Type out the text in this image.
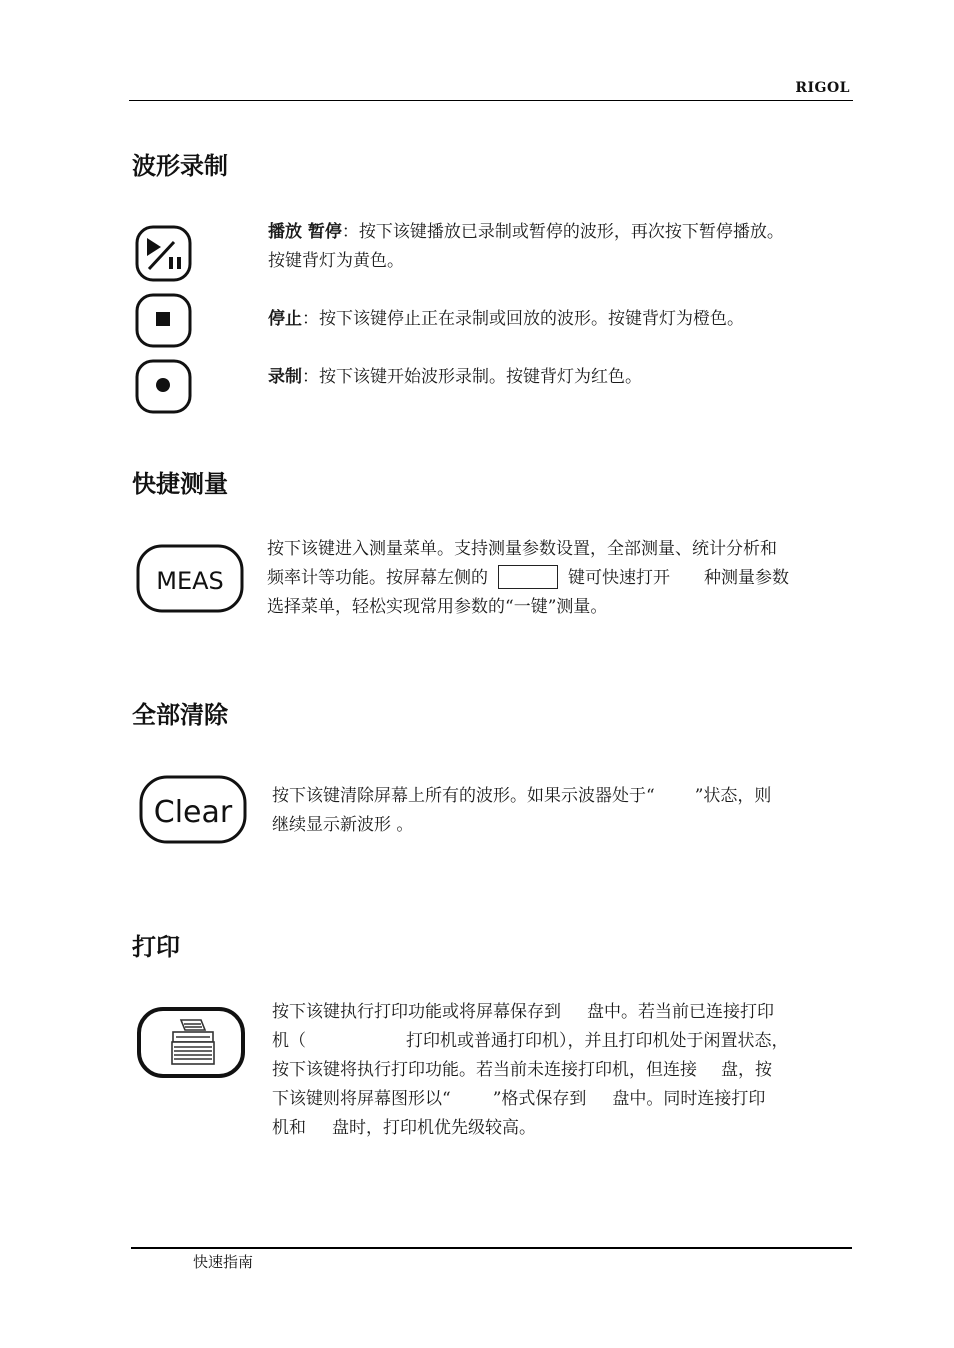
RIGOL
波形录制
播放 暂停：按下该键播放已录制或暂停的波形，再次按下暂停播放。
按键背灯为黄色。
停止：按下该键停止正在录制或回放的波形。按键背灯为橙色。
录制：按下该键开始波形录制。按键背灯为红色。
快捷测量
MEAS
按下该键进入测量菜单。支持测量参数设置，全部测量、统计分析和
频率计等功能。按屏幕左侧的	键可快速打开 种测量参数
选择菜单，轻松实现常用参数的“一键”测量。
全部清除
Clear 按下该键清除屏幕上所有的波形。如果示波器处于“ ”状态，则
继续显示新波形 。
打印
按下该键执行打印功能或将屏幕保存到 盘中。若当前已连接打印
机（	打印机或普通打印机），并且打印机处于闲置状态，
按下该键将执行打印功能。若当前未连接打印机，但连接 盘，按
下该键则将屏幕图形以“ ”格式保存到 盘中。同时连接打印
机和 盘时，打印机优先级较高。
快速指南
